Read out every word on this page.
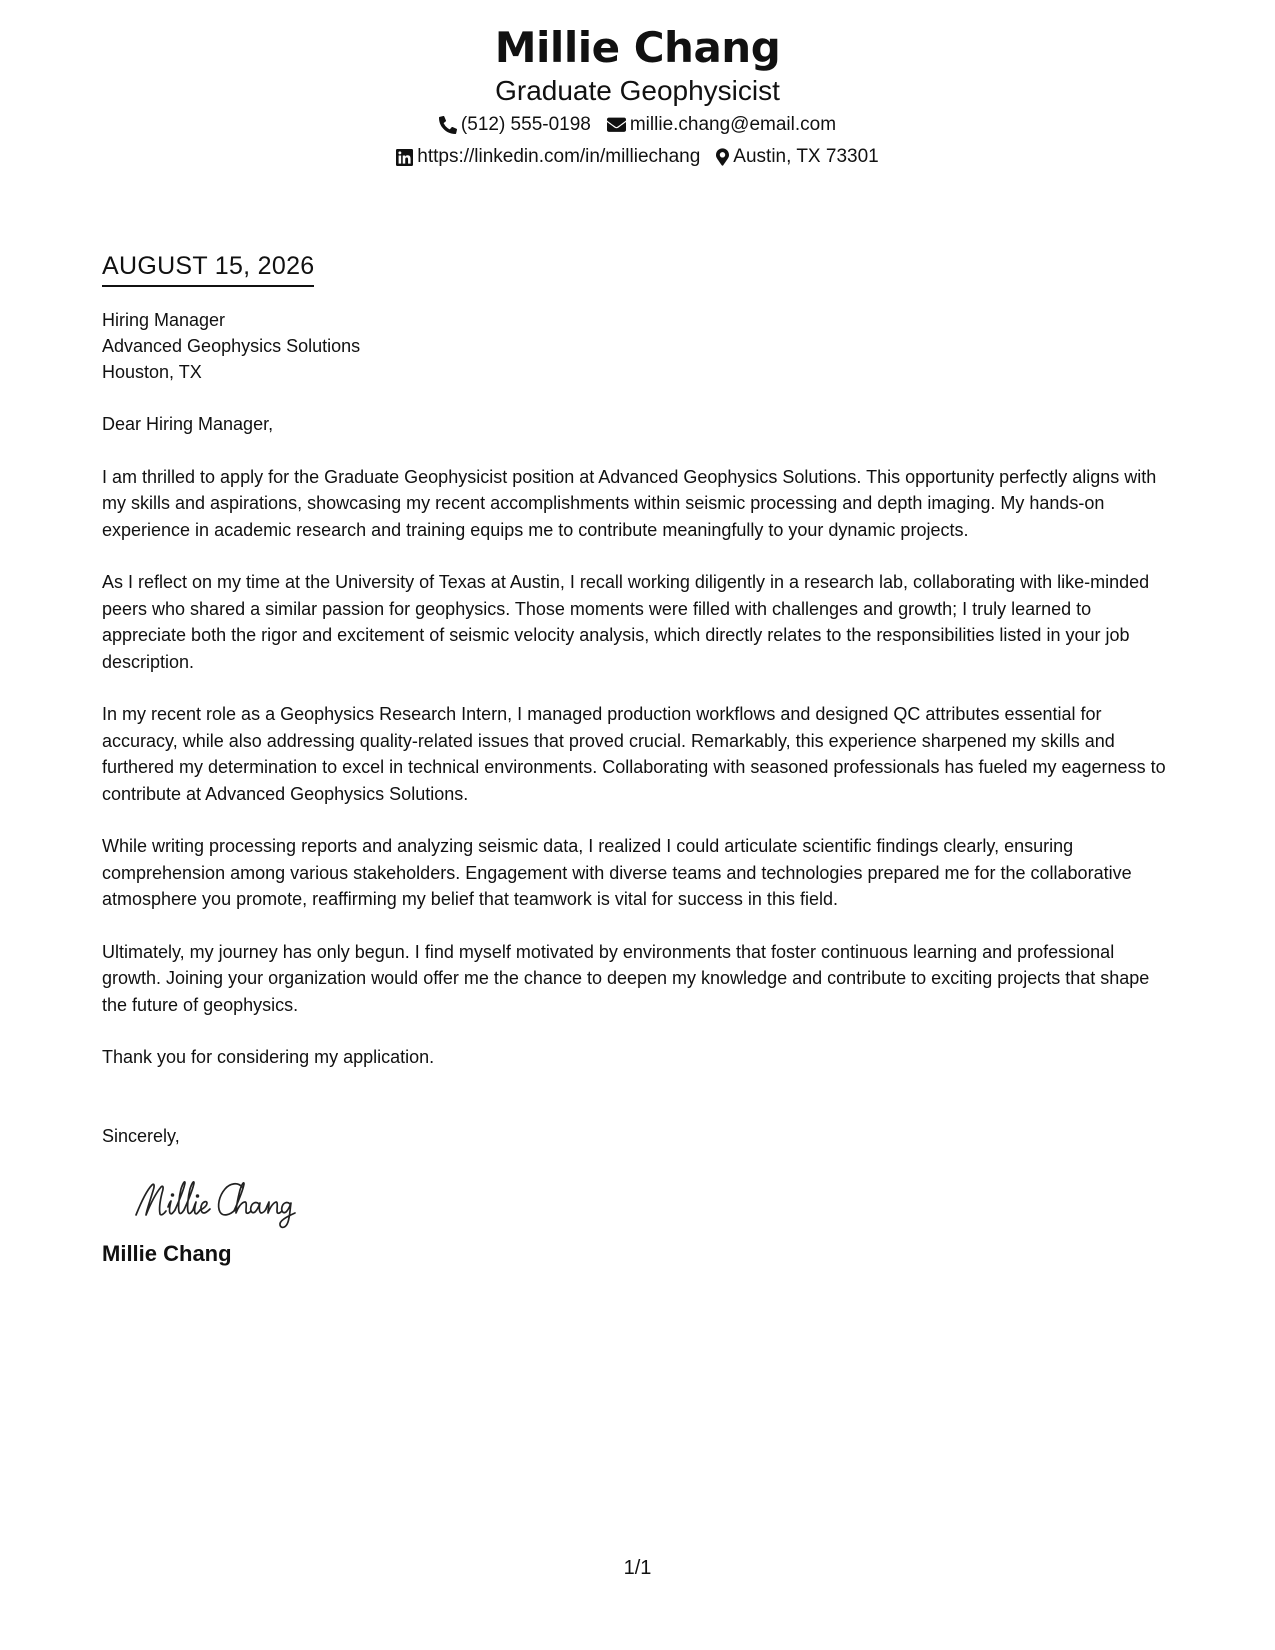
Millie Chang
Graduate Geophysicist
(512) 555-0198 millie.chang@email.com
https://linkedin.com/in/milliechang Austin, TX 73301
AUGUST 15, 2026
Hiring Manager
Advanced Geophysics Solutions
Houston, TX
Dear Hiring Manager,
I am thrilled to apply for the Graduate Geophysicist position at Advanced Geophysics Solutions. This opportunity perfectly aligns with my skills and aspirations, showcasing my recent accomplishments within seismic processing and depth imaging. My hands-on experience in academic research and training equips me to contribute meaningfully to your dynamic projects.
As I reflect on my time at the University of Texas at Austin, I recall working diligently in a research lab, collaborating with like-minded peers who shared a similar passion for geophysics. Those moments were filled with challenges and growth; I truly learned to appreciate both the rigor and excitement of seismic velocity analysis, which directly relates to the responsibilities listed in your job description.
In my recent role as a Geophysics Research Intern, I managed production workflows and designed QC attributes essential for accuracy, while also addressing quality-related issues that proved crucial. Remarkably, this experience sharpened my skills and furthered my determination to excel in technical environments. Collaborating with seasoned professionals has fueled my eagerness to contribute at Advanced Geophysics Solutions.
While writing processing reports and analyzing seismic data, I realized I could articulate scientific findings clearly, ensuring comprehension among various stakeholders. Engagement with diverse teams and technologies prepared me for the collaborative atmosphere you promote, reaffirming my belief that teamwork is vital for success in this field.
Ultimately, my journey has only begun. I find myself motivated by environments that foster continuous learning and professional growth. Joining your organization would offer me the chance to deepen my knowledge and contribute to exciting projects that shape the future of geophysics.
Thank you for considering my application.
Sincerely,
Millie Chang
1/1
